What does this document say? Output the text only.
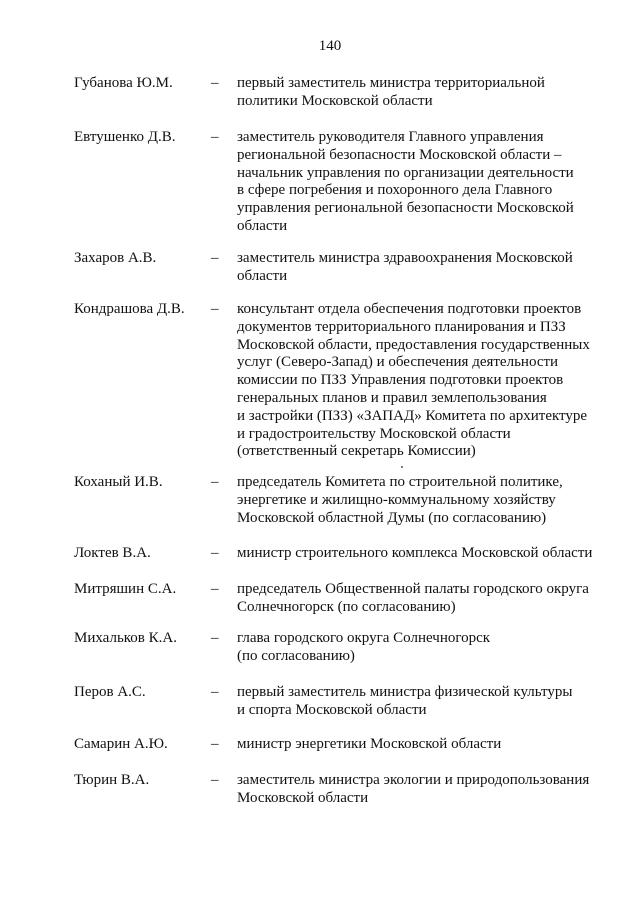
140
Губанова Ю.М.	– первый заместитель министра территориальной
политики Московской области
Евтушенко Д.В. – заместитель руководителя Главного управления
региональной безопасности Московской области –
начальник управления по организации деятельности
в сфере погребения и похоронного дела Главного
управления региональной безопасности Московской
области
Захаров А.В.	– заместитель министра здравоохранения Московской
области
Кондрашова Д.В. – консультант отдела обеспечения подготовки проектов
документов территориального планирования и ПЗЗ
Московской области, предоставления государственных
услуг (Северо-Запад) и обеспечения деятельности
комиссии по ПЗЗ Управления подготовки проектов
генеральных планов и правил землепользования
и застройки (ПЗЗ) «ЗАПАД» Комитета по архитектуре
и градостроительству Московской области
(ответственный секретарь Комиссии)
Коханый И.В.	– председатель Комитета по строительной политике,
энергетике и жилищно-коммунальному хозяйству
Московской областной Думы (по согласованию)
Локтев В.А.	– министр строительного комплекса Московской области
Митряшин С.А. – председатель Общественной палаты городского округа
Солнечногорск (по согласованию)
Михальков К.А. – глава городского округа Солнечногорск
(по согласованию)
Перов А.С.	– первый заместитель министра физической культуры
и спорта Московской области
Самарин А.Ю.	– министр энергетики Московской области
Тюрин В.А.	– заместитель министра экологии и природопользования
Московской области
